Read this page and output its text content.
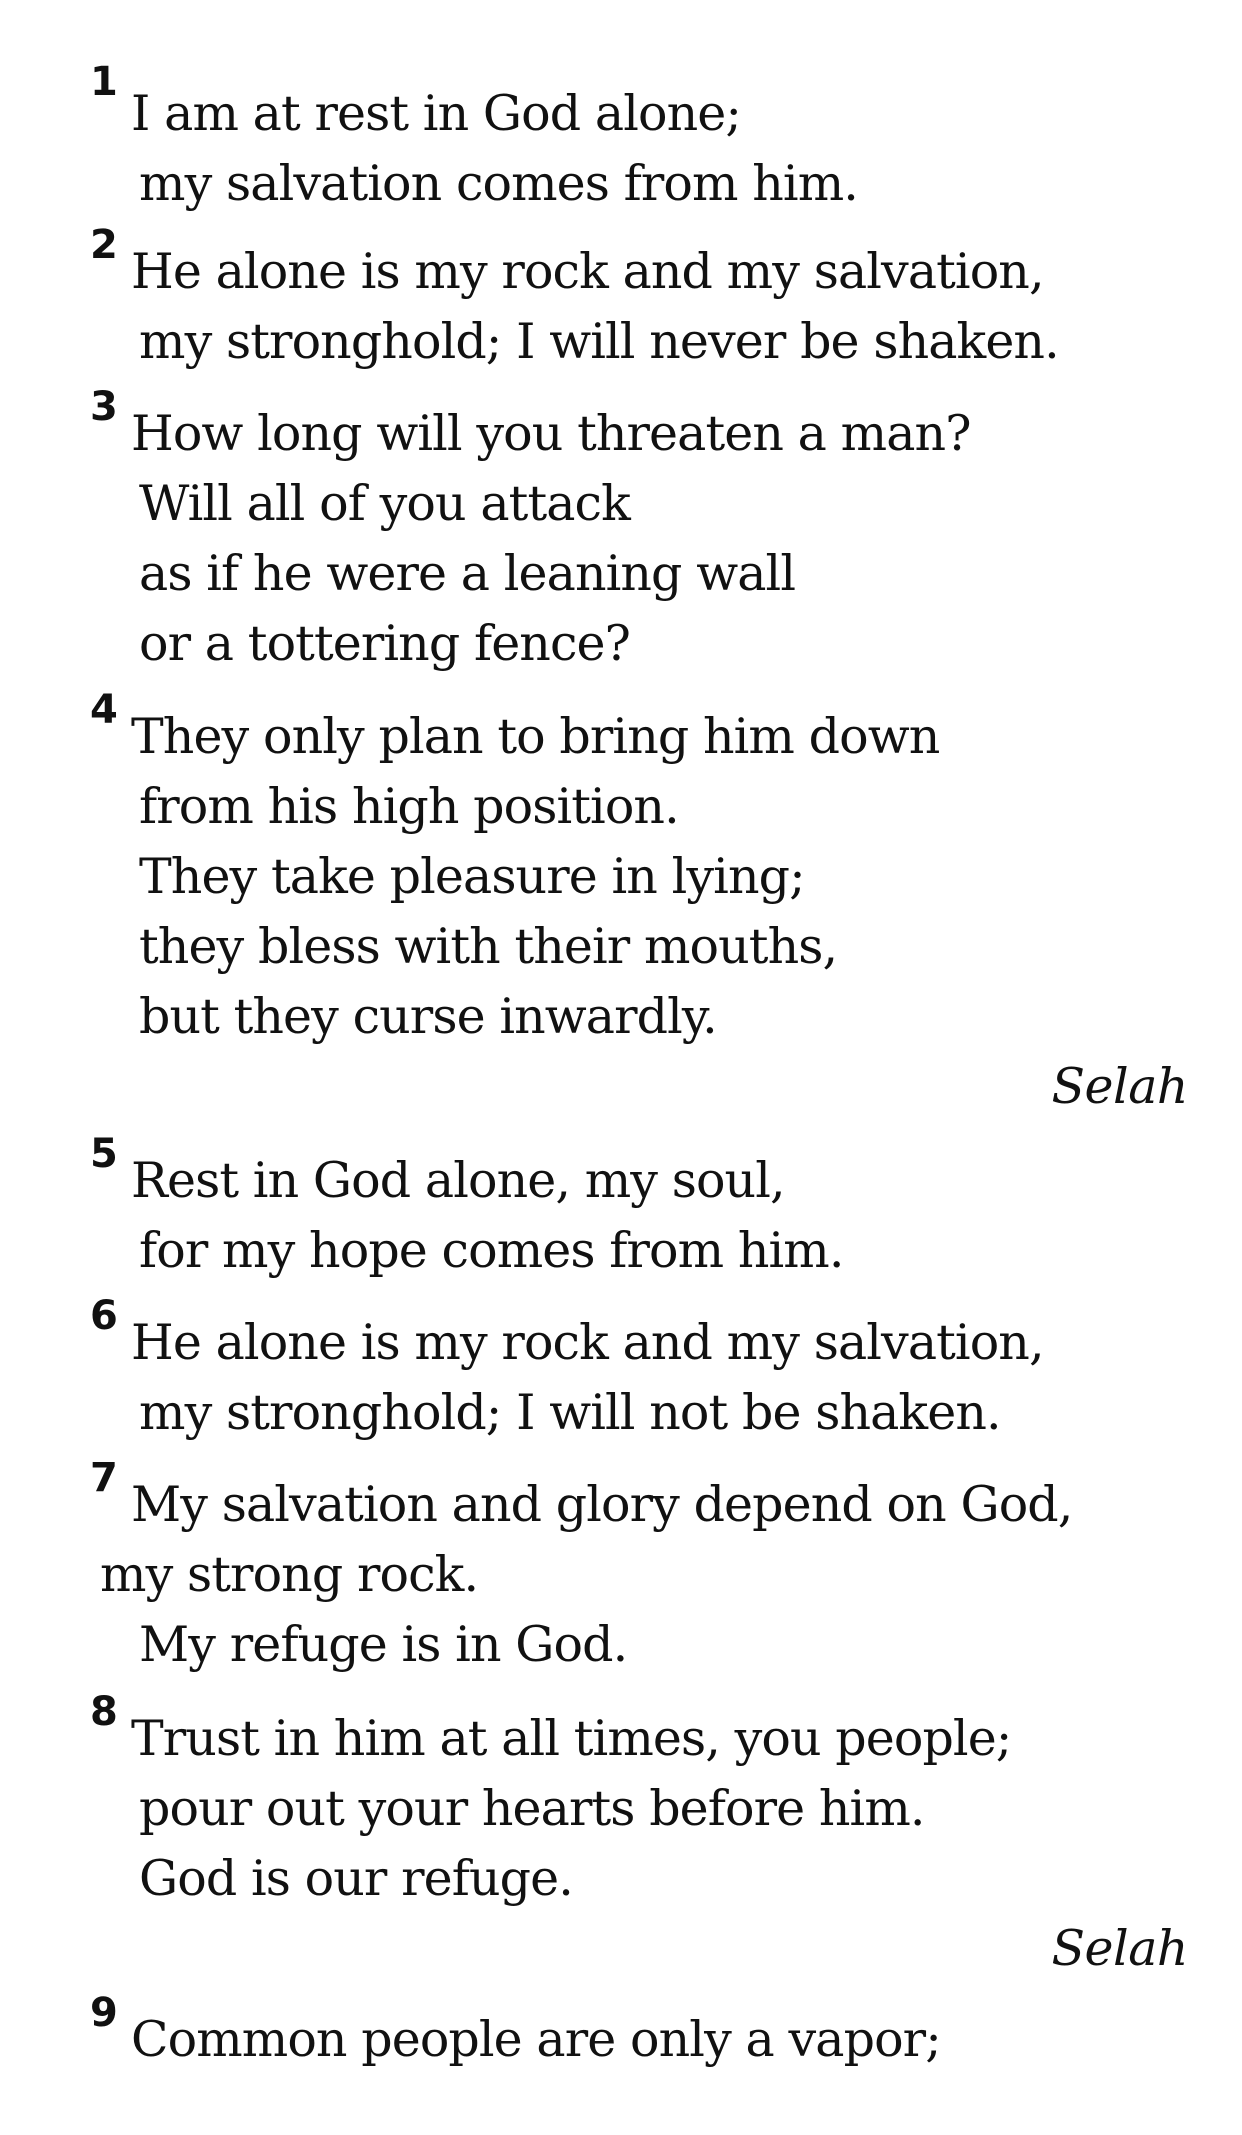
1
I am at rest in God alone;
my salvation comes from him.
2 He alone is my rock and my salvation,
my stronghold; I will never be shaken.
3 How long will you threaten a man?
Will all of you attack
as if he were a leaning wall
or a tottering fence?
4 They only plan to bring him down
from his high position.
They take pleasure in lying;
they bless with their mouths,
but they curse inwardly.
Selah
5 Rest in God alone, my soul,
for my hope comes from him.
6 He alone is my rock and my salvation,
my stronghold; I will not be shaken.
7 My salvation and glory depend on God,
my strong rock.
My refuge is in God.
8 Trust in him at all times, you people;
pour out your hearts before him.
God is our refuge.
Selah
9 Common people are only a vapor;
